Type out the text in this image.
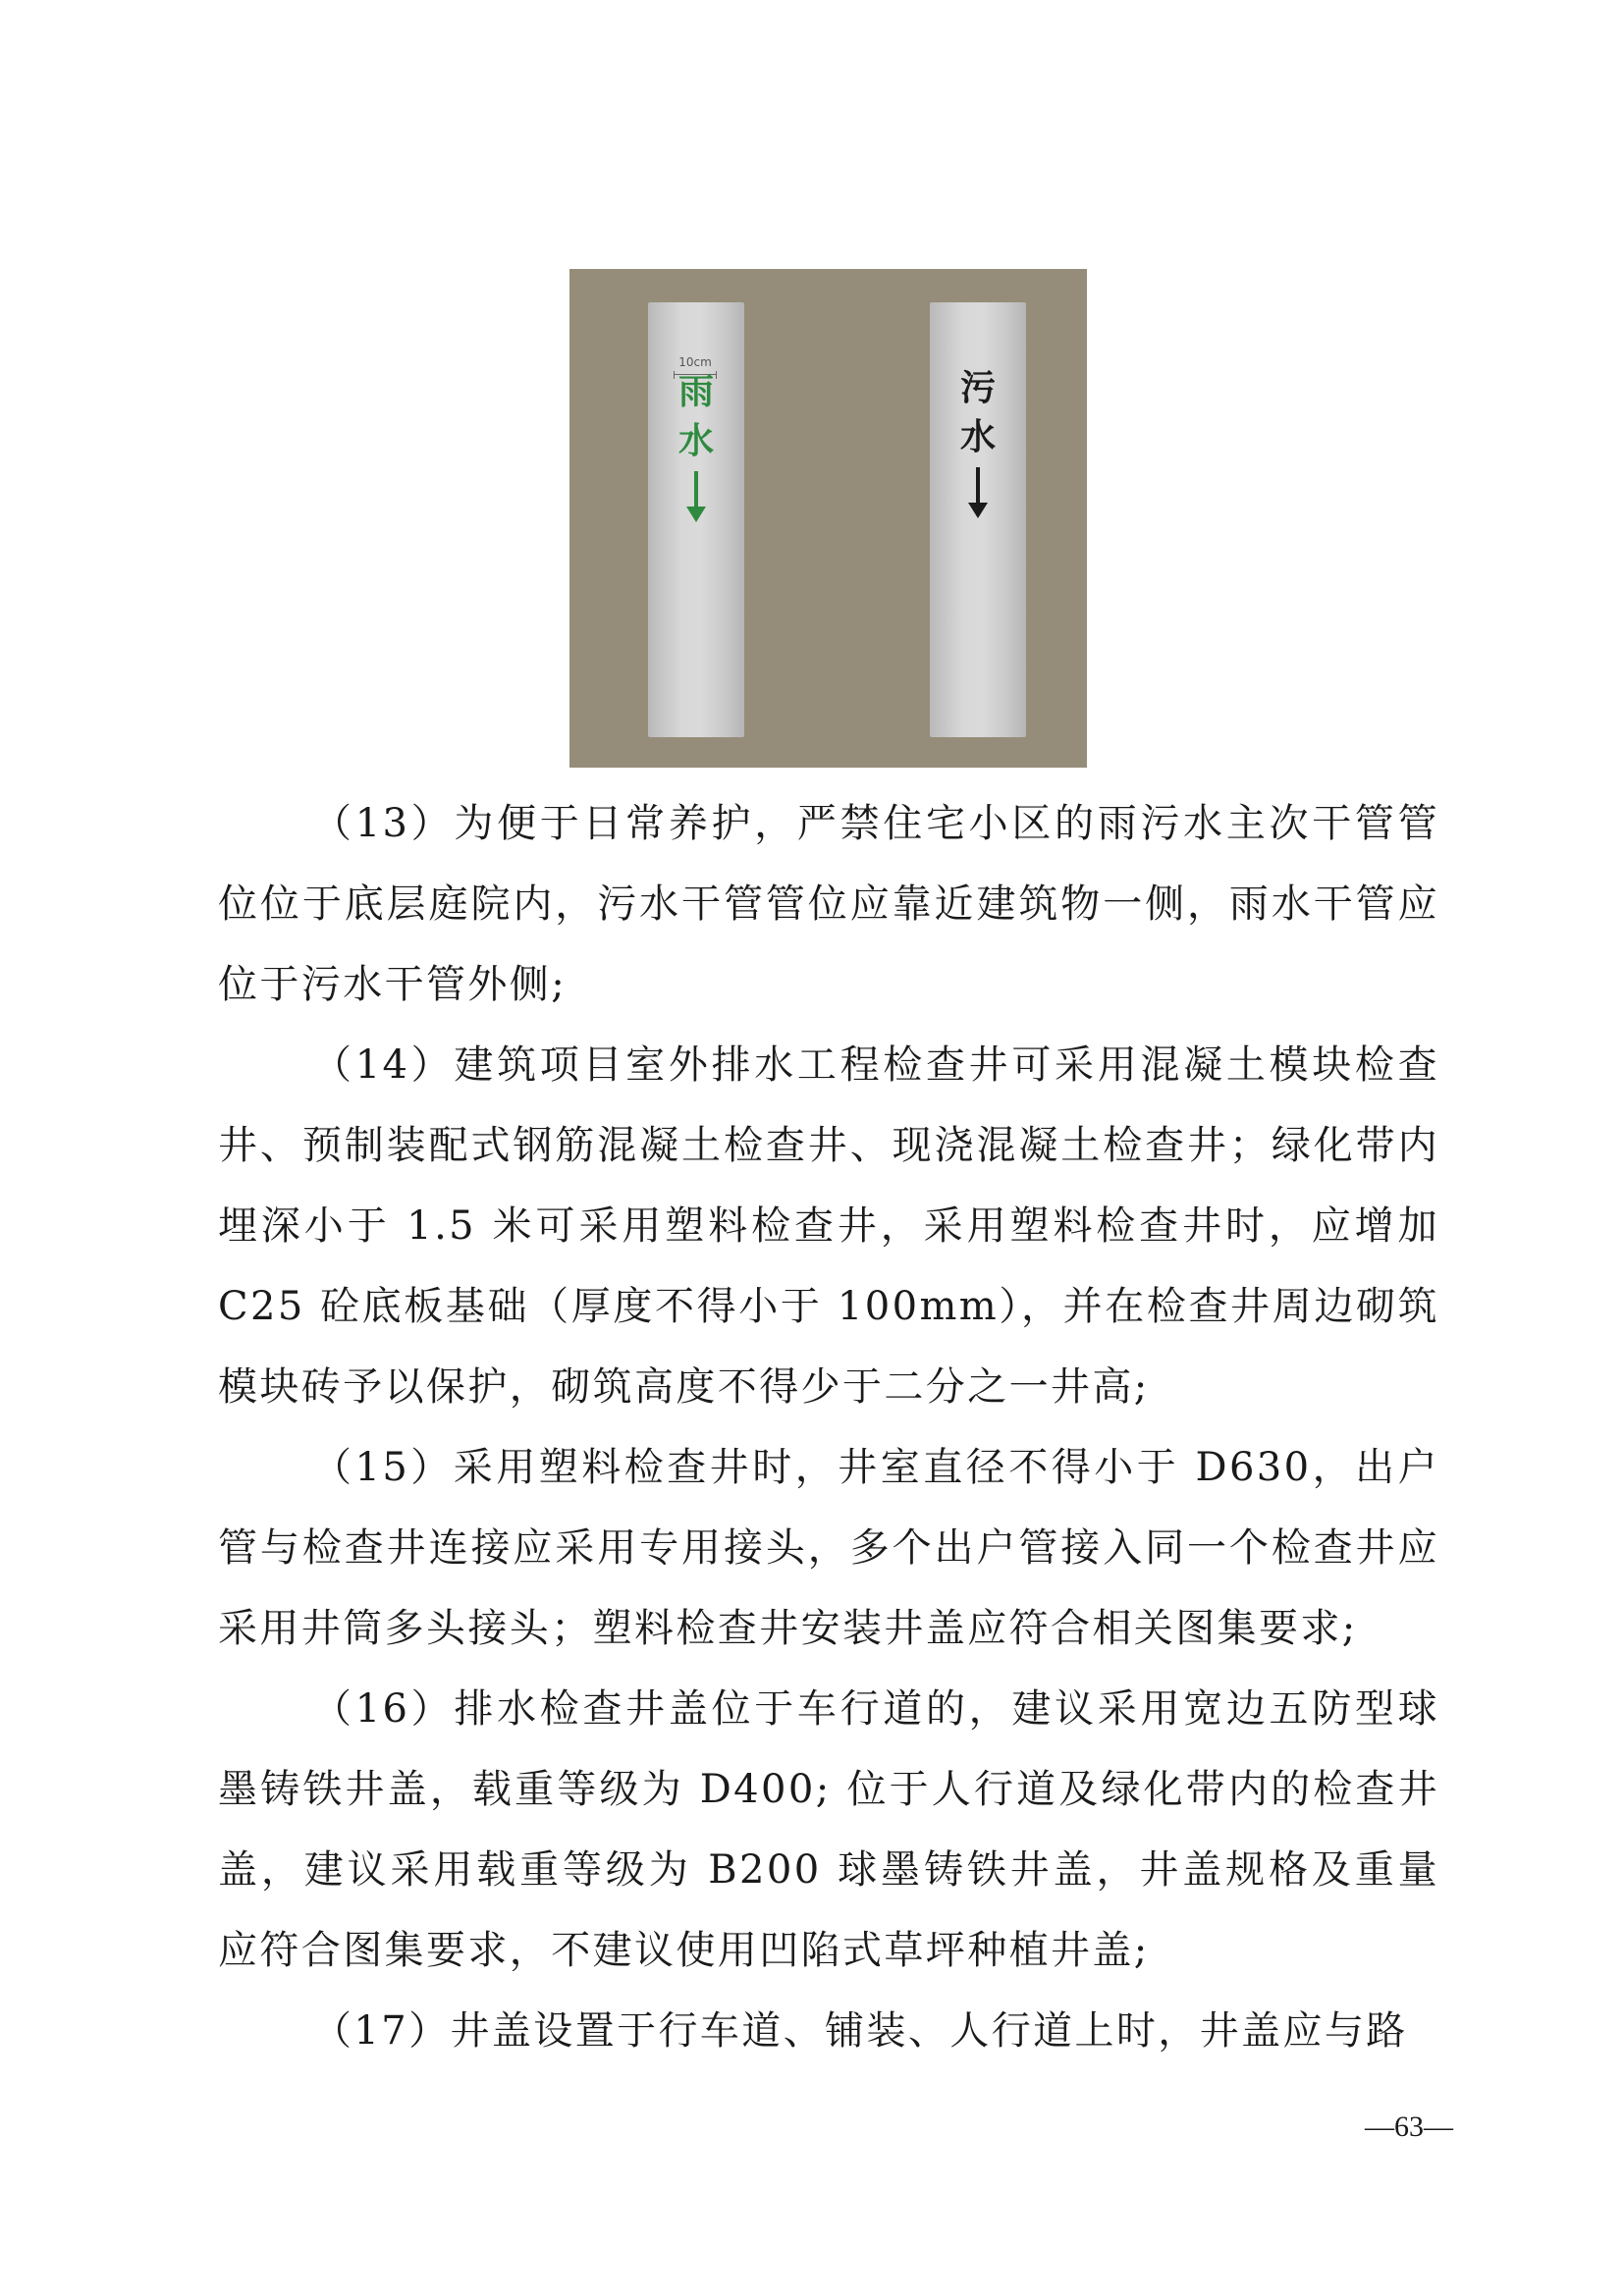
10cm
雨
水
污
水

（13）为便于日常养护，严禁住宅小区的雨污水主次干管管位位于底层庭院内，污水干管管位应靠近建筑物一侧，雨水干管应位于污水干管外侧;

（14）建筑项目室外排水工程检查井可采用混凝土模块检查井、预制装配式钢筋混凝土检查井、现浇混凝土检查井；绿化带内埋深小于 1.5 米可采用塑料检查井，采用塑料检查井时，应增加 C25 砼底板基础（厚度不得小于 100mm），并在检查井周边砌筑模块砖予以保护，砌筑高度不得少于二分之一井高;

（15）采用塑料检查井时，井室直径不得小于 D630，出户管与检查井连接应采用专用接头，多个出户管接入同一个检查井应采用井筒多头接头；塑料检查井安装井盖应符合相关图集要求;

（16）排水检查井盖位于车行道的，建议采用宽边五防型球墨铸铁井盖，载重等级为 D400; 位于人行道及绿化带内的检查井盖，建议采用载重等级为 B200 球墨铸铁井盖，井盖规格及重量应符合图集要求，不建议使用凹陷式草坪种植井盖;

（17）井盖设置于行车道、铺装、人行道上时，井盖应与路

—63—
